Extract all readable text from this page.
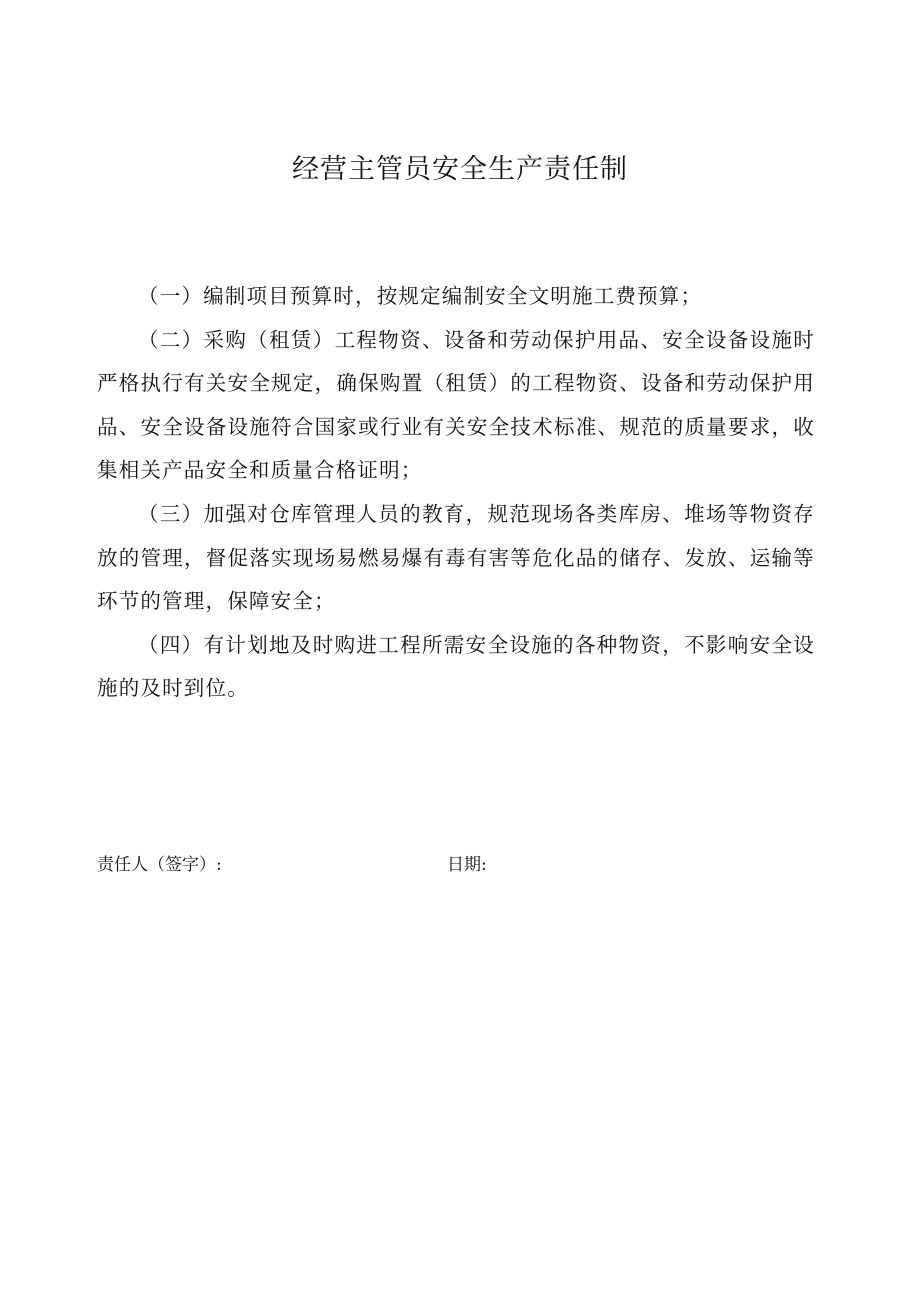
经营主管员安全生产责任制

（一）编制项目预算时，按规定编制安全文明施工费预算；

（二）采购（租赁）工程物资、设备和劳动保护用品、安全设备设施时严格执行有关安全规定，确保购置（租赁）的工程物资、设备和劳动保护用品、安全设备设施符合国家或行业有关安全技术标准、规范的质量要求，收集相关产品安全和质量合格证明；

（三）加强对仓库管理人员的教育，规范现场各类库房、堆场等物资存放的管理，督促落实现场易燃易爆有毒有害等危化品的储存、发放、运输等环节的管理，保障安全；

（四）有计划地及时购进工程所需安全设施的各种物资，不影响安全设施的及时到位。

责任人（签字）:	日期:
